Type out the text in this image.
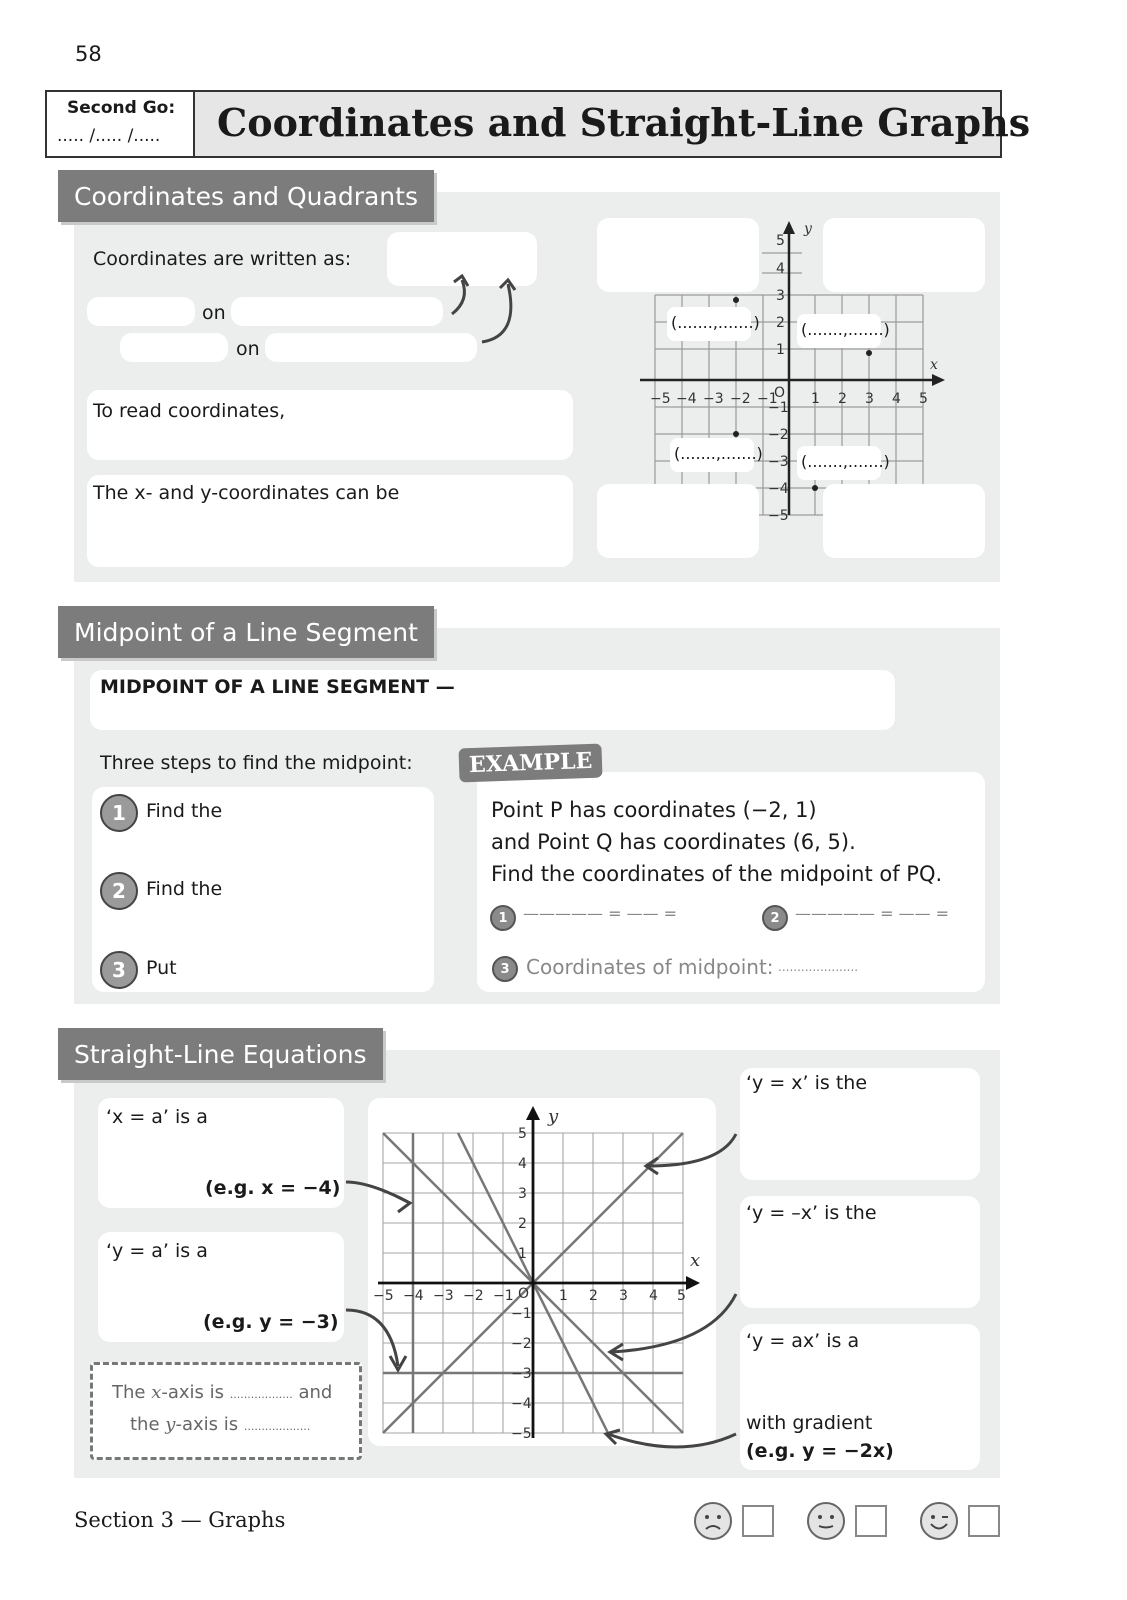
58
Second Go:
..... /..... /..... Coordinates and Straight-Line Graphs
Coordinates and Quadrants
Coordinates are written as:
on
on
To read coordinates,
The x- and y-coordinates can be
−5 −4 −3 −2 −1 1 2 3 4 5
5
4
3
2
1
−1
−2
−3
−4
−5
O
x
y
(.......,.......)	(.......,.......)
(.......,.......) (.......,.......)
Midpoint of a Line Segment
MIDPOINT OF A LINE SEGMENT —
Three steps to find the midpoint:
1	Find the
2	Find the
3	Put
EXAMPLE
Point P has coordinates (−2, 1)
and Point Q has coordinates (6, 5).
Find the coordinates of the midpoint of PQ.
1 ————— = —— =	2 ————— = —— =
3 Coordinates of midpoint: .....................
Straight-Line Equations
‘x = a’ is a
(e.g. x = −4)
‘y = a’ is a
(e.g. y = −3)
The x-axis is .................. and
the y-axis is ...................
−5 −4 −3 −2 −1	1 2 3 4 5
5
4
3
2
1
−1
−2
−3
−4
−5
O
x
y
‘y = x’ is the
‘y = –x’ is the
‘y = ax’ is a
with gradient
(e.g. y = −2x)
Section 3 — Graphs
